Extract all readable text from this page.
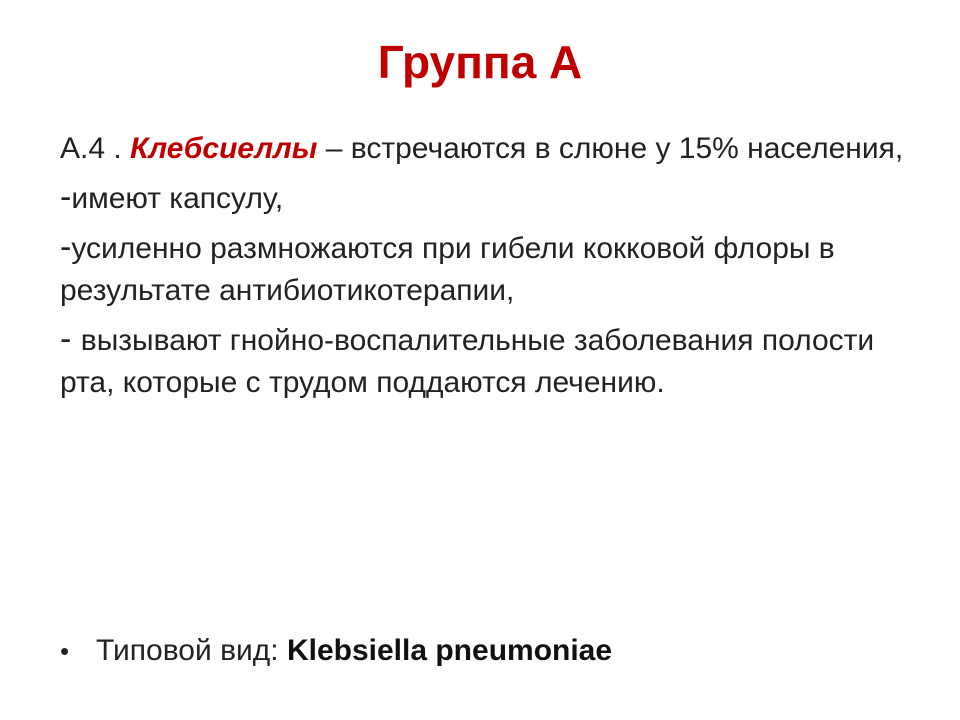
Группа А
А.4 . Клебсиеллы – встречаются в слюне у 15% населения,
-имеют капсулу,
-усиленно размножаются при гибели кокковой флоры в результате антибиотикотерапии,
- вызывают гнойно-воспалительные заболевания полости рта, которые с трудом поддаются лечению.
• Типовой вид: Klebsiella pneumoniae
